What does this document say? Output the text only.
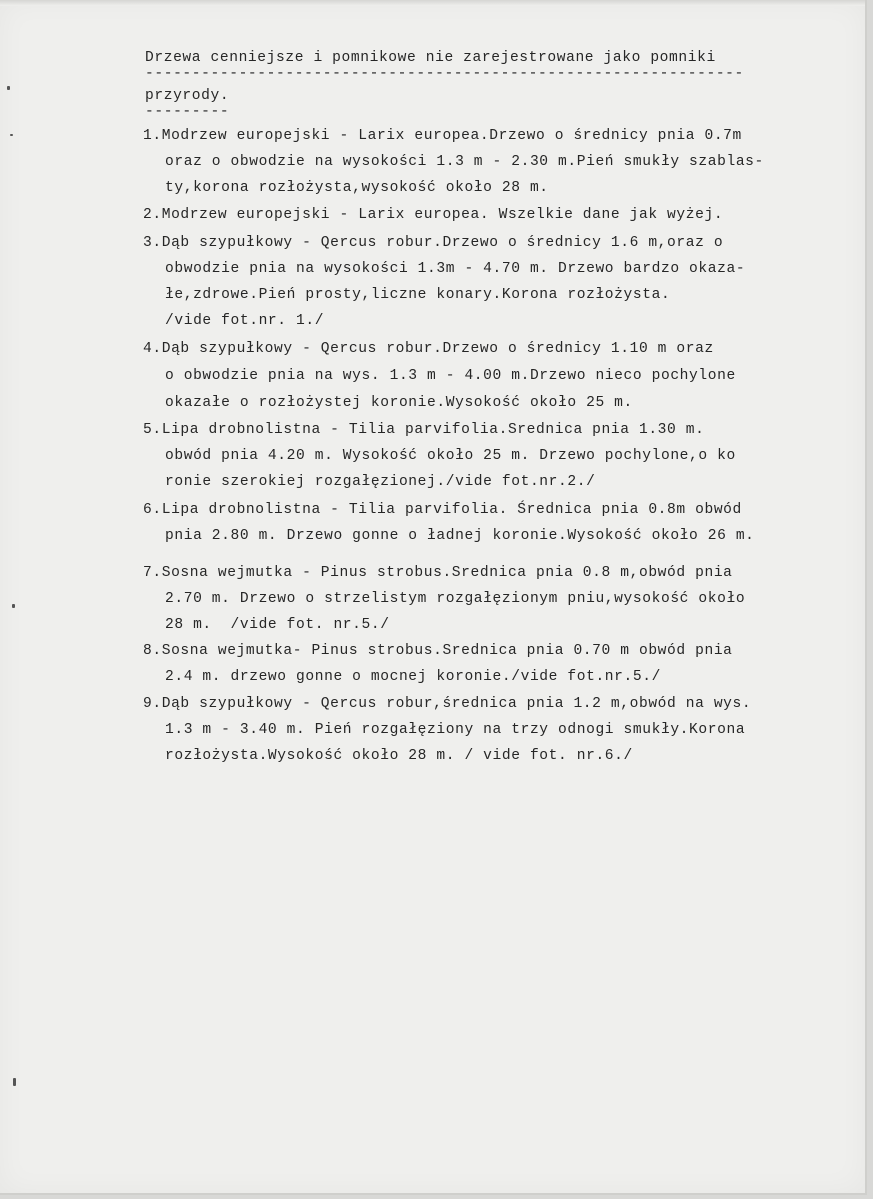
Drzewa cenniejsze i pomnikowe nie zarejestrowane jako pomniki

----------------------------------------------------------------

przyrody.

---------

1.Modrzew europejski - Larix europea.Drzewo o średnicy pnia 0.7m

oraz o obwodzie na wysokości 1.3 m - 2.30 m.Pień smukły szablas-

ty,korona rozłożysta,wysokość około 28 m.

2.Modrzew europejski - Larix europea. Wszelkie dane jak wyżej.

3.Dąb szypułkowy - Qercus robur.Drzewo o średnicy 1.6 m,oraz o

obwodzie pnia na wysokości 1.3m - 4.70 m. Drzewo bardzo okaza-

łe,zdrowe.Pień prosty,liczne konary.Korona rozłożysta.

/vide fot.nr. 1./

4.Dąb szypułkowy - Qercus robur.Drzewo o średnicy 1.10 m oraz

o obwodzie pnia na wys. 1.3 m - 4.00 m.Drzewo nieco pochylone

okazałe o rozłożystej koronie.Wysokość około 25 m.

5.Lipa drobnolistna - Tilia parvifolia.Srednica pnia 1.30 m.

obwód pnia 4.20 m. Wysokość około 25 m. Drzewo pochylone,o ko

ronie szerokiej rozgałęzionej./vide fot.nr.2./

6.Lipa drobnolistna - Tilia parvifolia. Średnica pnia 0.8m obwód

pnia 2.80 m. Drzewo gonne o ładnej koronie.Wysokość około 26 m.

7.Sosna wejmutka - Pinus strobus.Srednica pnia 0.8 m,obwód pnia

2.70 m. Drzewo o strzelistym rozgałęzionym pniu,wysokość około

28 m.  /vide fot. nr.5./

8.Sosna wejmutka- Pinus strobus.Srednica pnia 0.70 m obwód pnia

2.4 m. drzewo gonne o mocnej koronie./vide fot.nr.5./

9.Dąb szypułkowy - Qercus robur,średnica pnia 1.2 m,obwód na wys.

1.3 m - 3.40 m. Pień rozgałęziony na trzy odnogi smukły.Korona

rozłożysta.Wysokość około 28 m. / vide fot. nr.6./
